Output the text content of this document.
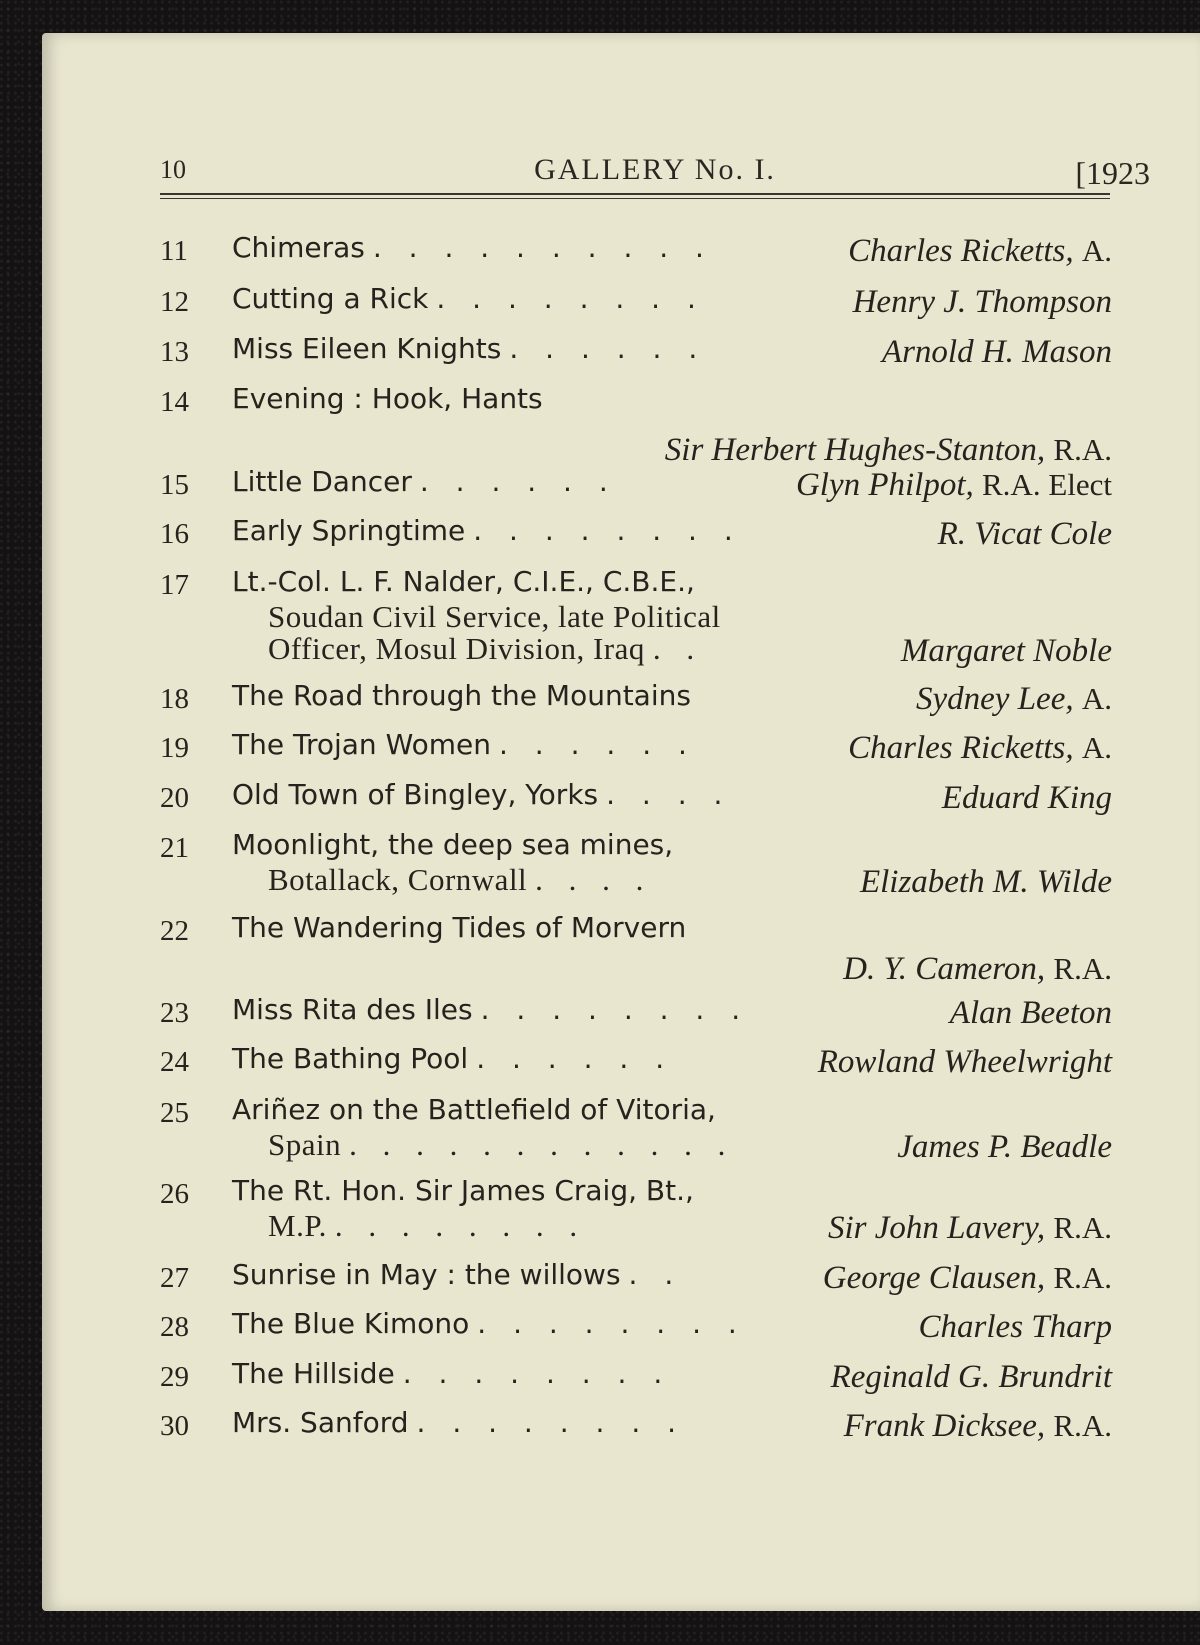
10	GALLERY No. I.	[1923
11 Chimeras . . . . . . . . . .	Charles Ricketts, A.
12 Cutting a Rick . . . . . . . .	Henry J. Thompson
13 Miss Eileen Knights . . . . . .	Arnold H. Mason
14 Evening : Hook, Hants
Sir Herbert Hughes-Stanton, R.A.
15 Little Dancer . . . . . .	Glyn Philpot, R.A. Elect
16 Early Springtime . . . . . . . .	R. Vicat Cole
17 Lt.-Col. L. F. Nalder, C.I.E., C.B.E.,
Soudan Civil Service, late Political
Officer, Mosul Division, Iraq . .	Margaret Noble
18 The Road through the Mountains	Sydney Lee, A.
19 The Trojan Women . . . . . .	Charles Ricketts, A.
20 Old Town of Bingley, Yorks . . . .	Eduard King
21 Moonlight, the deep sea mines,
Botallack, Cornwall . . . .	Elizabeth M. Wilde
22 The Wandering Tides of Morvern
D. Y. Cameron, R.A.
23 Miss Rita des Iles . . . . . . . .	Alan Beeton
24 The Bathing Pool . . . . . .	Rowland Wheelwright
25 Ariñez on the Battlefield of Vitoria,
Spain . . . . . . . . . . . .	James P. Beadle
26 The Rt. Hon. Sir James Craig, Bt.,
M.P. . . . . . . . .	Sir John Lavery, R.A.
27 Sunrise in May : the willows . .	George Clausen, R.A.
28 The Blue Kimono . . . . . . . .	Charles Tharp
29 The Hillside . . . . . . . .	Reginald G. Brundrit
30 Mrs. Sanford . . . . . . . .	Frank Dicksee, R.A.
